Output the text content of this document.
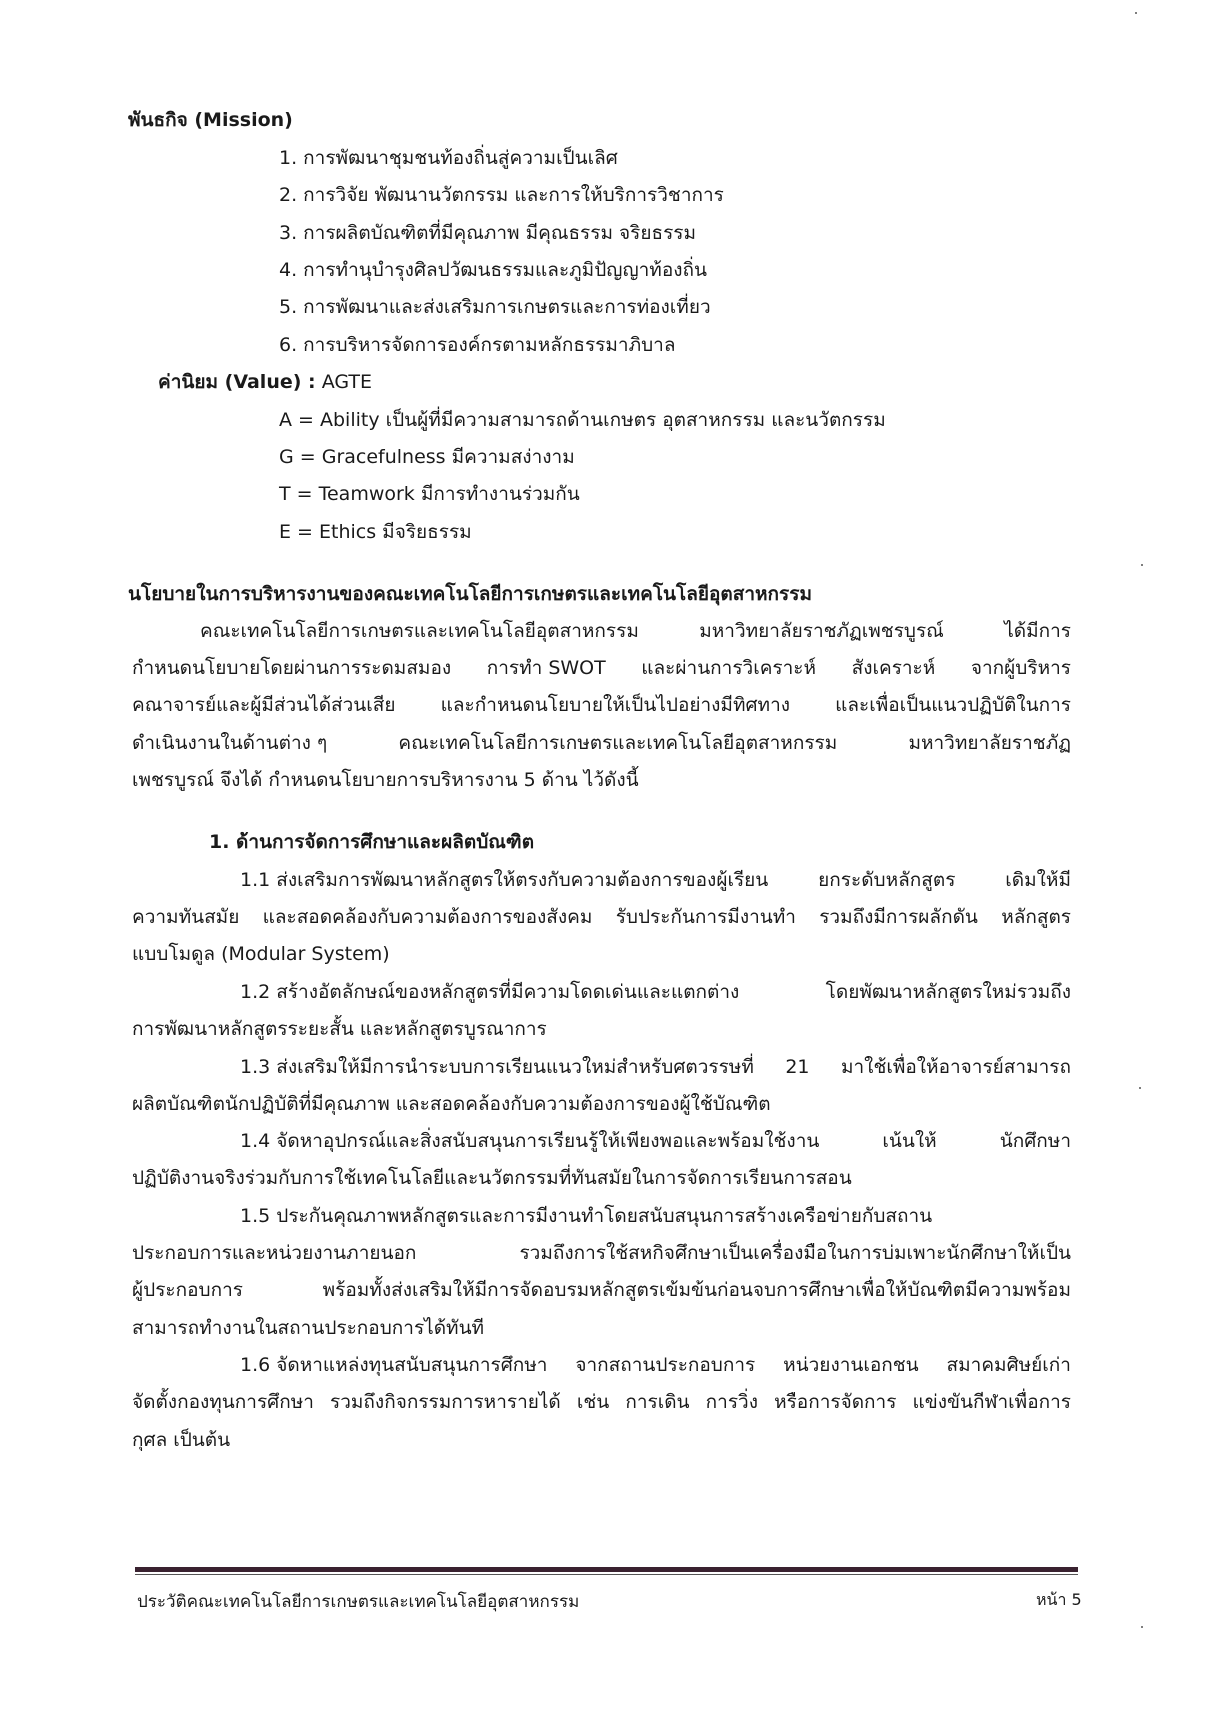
พันธกิจ (Mission)
1. การพัฒนาชุมชนท้องถิ่นสู่ความเป็นเลิศ
2. การวิจัย พัฒนานวัตกรรม และการให้บริการวิชาการ
3. การผลิตบัณฑิตที่มีคุณภาพ มีคุณธรรม จริยธรรม
4. การทำนุบำรุงศิลปวัฒนธรรมและภูมิปัญญาท้องถิ่น
5. การพัฒนาและส่งเสริมการเกษตรและการท่องเที่ยว
6. การบริหารจัดการองค์กรตามหลักธรรมาภิบาล
ค่านิยม (Value) : AGTE
A = Ability เป็นผู้ที่มีความสามารถด้านเกษตร อุตสาหกรรม และนวัตกรรม
G = Gracefulness มีความสง่างาม
T = Teamwork มีการทำงานร่วมกัน
E = Ethics มีจริยธรรม
นโยบายในการบริหารงานของคณะเทคโนโลยีการเกษตรและเทคโนโลยีอุตสาหกรรม
คณะเทคโนโลยีการเกษตรและเทคโนโลยีอุตสาหกรรม	มหาวิทยาลัยราชภัฏเพชรบูรณ์	ได้มีการ
กำหนดนโยบายโดยผ่านการระดมสมอง การทำ SWOT และผ่านการวิเคราะห์ สังเคราะห์ จากผู้บริหาร
คณาจารย์และผู้มีส่วนได้ส่วนเสีย และกำหนดนโยบายให้เป็นไปอย่างมีทิศทาง และเพื่อเป็นแนวปฏิบัติในการ
ดำเนินงานในด้านต่าง ๆ	คณะเทคโนโลยีการเกษตรและเทคโนโลยีอุตสาหกรรม	มหาวิทยาลัยราชภัฏ
เพชรบูรณ์ จึงได้ กำหนดนโยบายการบริหารงาน 5 ด้าน ไว้ดังนี้
1. ด้านการจัดการศึกษาและผลิตบัณฑิต
1.1 ส่งเสริมการพัฒนาหลักสูตรให้ตรงกับความต้องการของผู้เรียน	ยกระดับหลักสูตร	เดิมให้มี
ความทันสมัย และสอดคล้องกับความต้องการของสังคม รับประกันการมีงานทำ รวมถึงมีการผลักดัน หลักสูตร
แบบโมดูล (Modular System)
1.2 สร้างอัตลักษณ์ของหลักสูตรที่มีความโดดเด่นและแตกต่าง	โดยพัฒนาหลักสูตรใหม่รวมถึง
การพัฒนาหลักสูตรระยะสั้น และหลักสูตรบูรณาการ
1.3 ส่งเสริมให้มีการนำระบบการเรียนแนวใหม่สำหรับศตวรรษที่ 21 มาใช้เพื่อให้อาจารย์สามารถ
ผลิตบัณฑิตนักปฏิบัติที่มีคุณภาพ และสอดคล้องกับความต้องการของผู้ใช้บัณฑิต
1.4 จัดหาอุปกรณ์และสิ่งสนับสนุนการเรียนรู้ให้เพียงพอและพร้อมใช้งาน	เน้นให้	นักศึกษา
ปฏิบัติงานจริงร่วมกับการใช้เทคโนโลยีและนวัตกรรมที่ทันสมัยในการจัดการเรียนการสอน
1.5 ประกันคุณภาพหลักสูตรและการมีงานทำโดยสนับสนุนการสร้างเครือข่ายกับสถาน
ประกอบการและหน่วยงานภายนอก	รวมถึงการใช้สหกิจศึกษาเป็นเครื่องมือในการบ่มเพาะนักศึกษาให้เป็น
ผู้ประกอบการ	พร้อมทั้งส่งเสริมให้มีการจัดอบรมหลักสูตรเข้มข้นก่อนจบการศึกษาเพื่อให้บัณฑิตมีความพร้อม
สามารถทำงานในสถานประกอบการได้ทันที
1.6 จัดหาแหล่งทุนสนับสนุนการศึกษา จากสถานประกอบการ หน่วยงานเอกชน สมาคมศิษย์เก่า
จัดตั้งกองทุนการศึกษา รวมถึงกิจกรรมการหารายได้ เช่น การเดิน การวิ่ง หรือการจัดการ แข่งขันกีฬาเพื่อการ
กุศล เป็นต้น
ประวัติคณะเทคโนโลยีการเกษตรและเทคโนโลยีอุตสาหกรรม	หน้า 5
